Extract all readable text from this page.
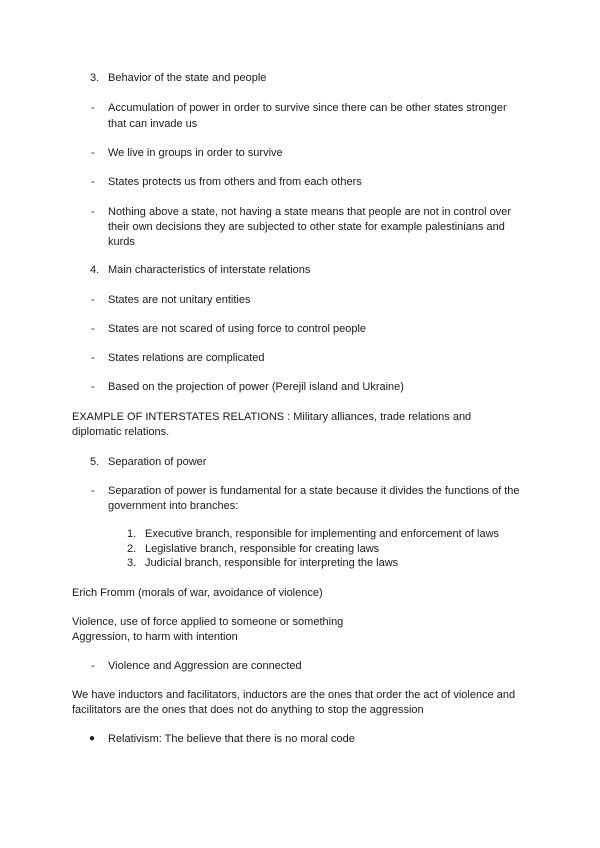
3. Behavior of the state and people
- Accumulation of power in order to survive since there can be other states stronger
that can invade us
- We live in groups in order to survive
- States protects us from others and from each others
- Nothing above a state, not having a state means that people are not in control over
their own decisions they are subjected to other state for example palestinians and
kurds
4. Main characteristics of interstate relations
- States are not unitary entities
- States are not scared of using force to control people
- States relations are complicated
- Based on the projection of power (Perejil island and Ukraine)
EXAMPLE OF INTERSTATES RELATIONS : Military alliances, trade relations and
diplomatic relations.
5. Separation of power
- Separation of power is fundamental for a state because it divides the functions of the
government into branches:
1. Executive branch, responsible for implementing and enforcement of laws
2. Legislative branch, responsible for creating laws
3. Judicial branch, responsible for interpreting the laws
Erich Fromm (morals of war, avoidance of violence)
Violence, use of force applied to someone or something
Aggression, to harm with intention
- Violence and Aggression are connected
We have inductors and facilitators, inductors are the ones that order the act of violence and
facilitators are the ones that does not do anything to stop the aggression
● Relativism: The believe that there is no moral code
